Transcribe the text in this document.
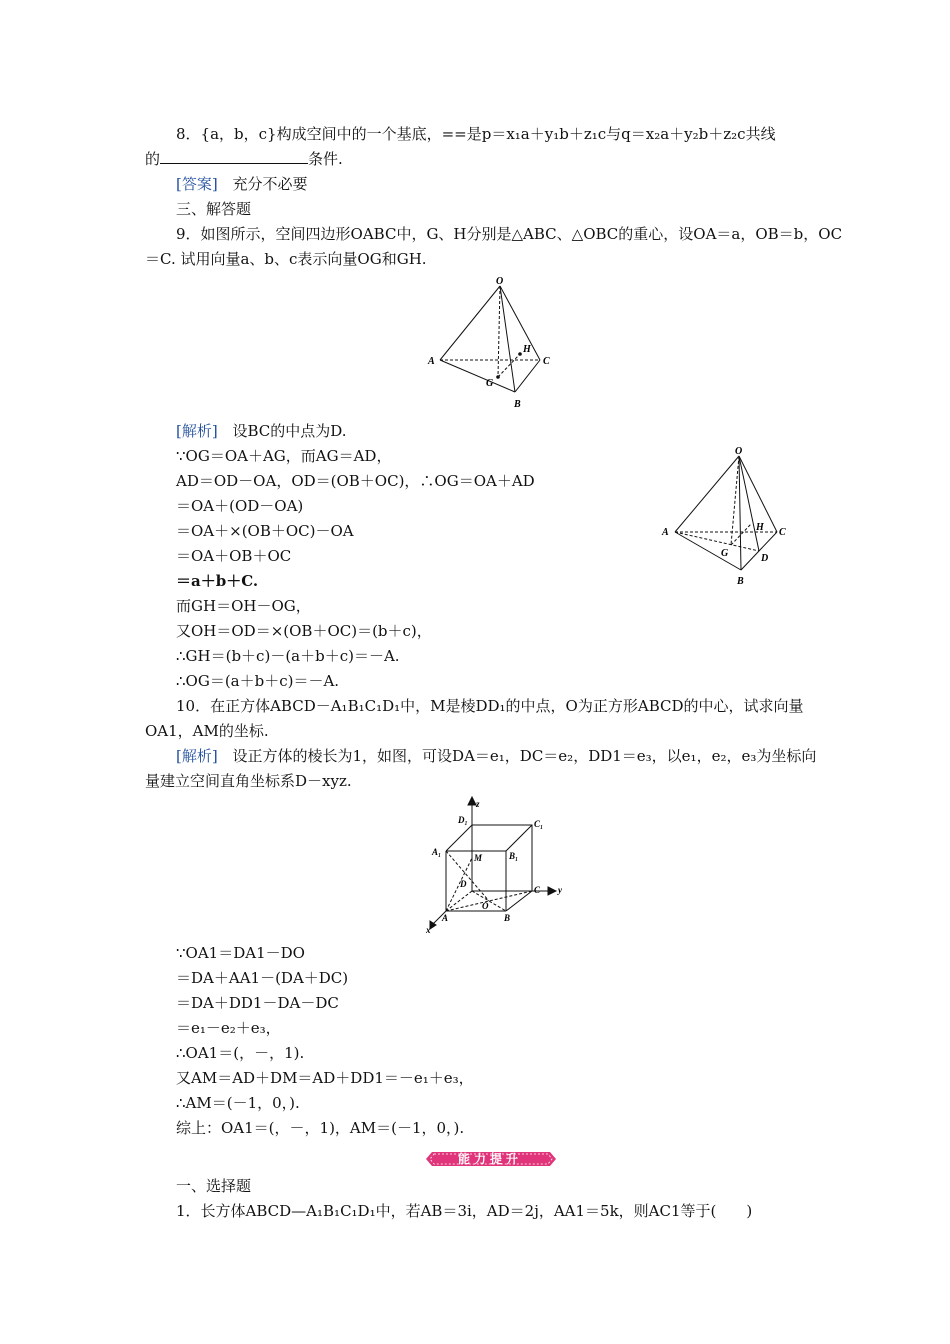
8．{a，b，c}构成空间中的一个基底，==是p＝x₁a＋y₁b＋z₁c与q＝x₂a＋y₂b＋z₂c共线
的	条件.
[答案] 充分不必要
三、解答题
9．如图所示，空间四边形OABC中，G、H分别是△ABC、△OBC的重心，设OA＝a，OB＝b，OC
＝C. 试用向量a、b、c表示向量OG和GH.
O
A
B
C
H
G
[解析] 设BC的中点为D.
∵OG＝OA＋AG，而AG＝AD，
AD＝OD－OA，OD＝(OB＋OC)，∴OG＝OA＋AD
＝OA＋(OD－OA)
＝OA＋×(OB＋OC)－OA
＝OA＋OB＋OC
＝a＋b＋C.
而GH＝OH－OG，
又OH＝OD＝×(OB＋OC)＝(b＋c)，
∴GH＝(b＋c)－(a＋b＋c)＝－A.
∴OG＝(a＋b＋c)＝－A.
O
A
B
C
H
G	D
10．在正方体ABCD－A₁B₁C₁D₁中，M是棱DD₁的中点，O为正方形ABCD的中心，试求向量
OA1，AM的坐标.
[解析] 设正方体的棱长为1，如图，可设DA＝e₁，DC＝e₂，DD1＝e₃，以e₁，e₂，e₃为坐标向
量建立空间直角坐标系D－xyz.
z
D₁	C₁
A₁
M	B₁
D
C y
A
O
B
x
∵OA1＝DA1－DO
＝DA＋AA1－(DA＋DC)
＝DA＋DD1－DA－DC
＝e₁－e₂＋e₃，
∴OA1＝(，－，1).
又AM＝AD＋DM＝AD＋DD1＝－e₁＋e₃，
∴AM＝(－1，0，).
综上：OA1＝(，－，1)，AM＝(－1，0，).
能力提升
一、选择题
1．长方体ABCD—A₁B₁C₁D₁中，若AB＝3i，AD＝2j，AA1＝5k，则AC1等于(　　)
